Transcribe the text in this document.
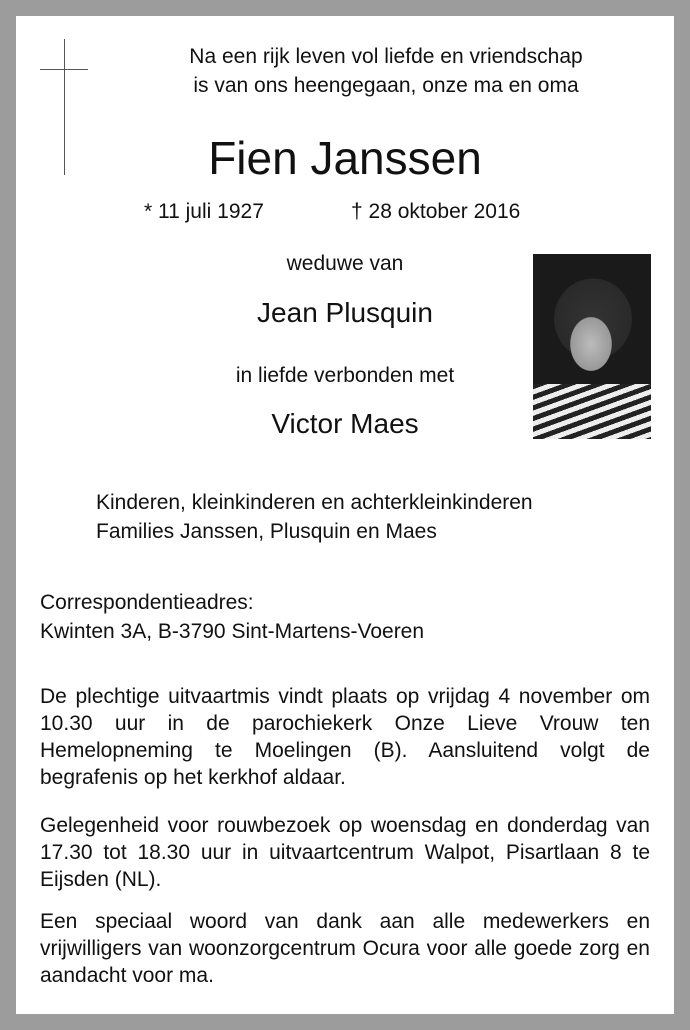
Na een rijk leven vol liefde en vriendschap
is van ons heengegaan, onze ma en oma
Fien Janssen
* 11 juli 1927	† 28 oktober 2016
weduwe van
Jean Plusquin
in liefde verbonden met
Victor Maes
Kinderen, kleinkinderen en achterkleinkinderen
Families Janssen, Plusquin en Maes
Correspondentieadres:
Kwinten 3A, B-3790 Sint-Martens-Voeren

De plechtige uitvaartmis vindt plaats op vrijdag 4 november om 10.30 uur in de parochiekerk Onze Lieve Vrouw ten Hemelopneming te Moelingen (B). Aansluitend volgt de begrafenis op het kerkhof aldaar.

Gelegenheid voor rouwbezoek op woensdag en donderdag van 17.30 tot 18.30 uur in uitvaartcentrum Walpot, Pisartlaan 8 te Eijsden (NL).

Een speciaal woord van dank aan alle medewerkers en vrijwilligers van woonzorgcentrum Ocura voor alle goede zorg en aandacht voor ma.
